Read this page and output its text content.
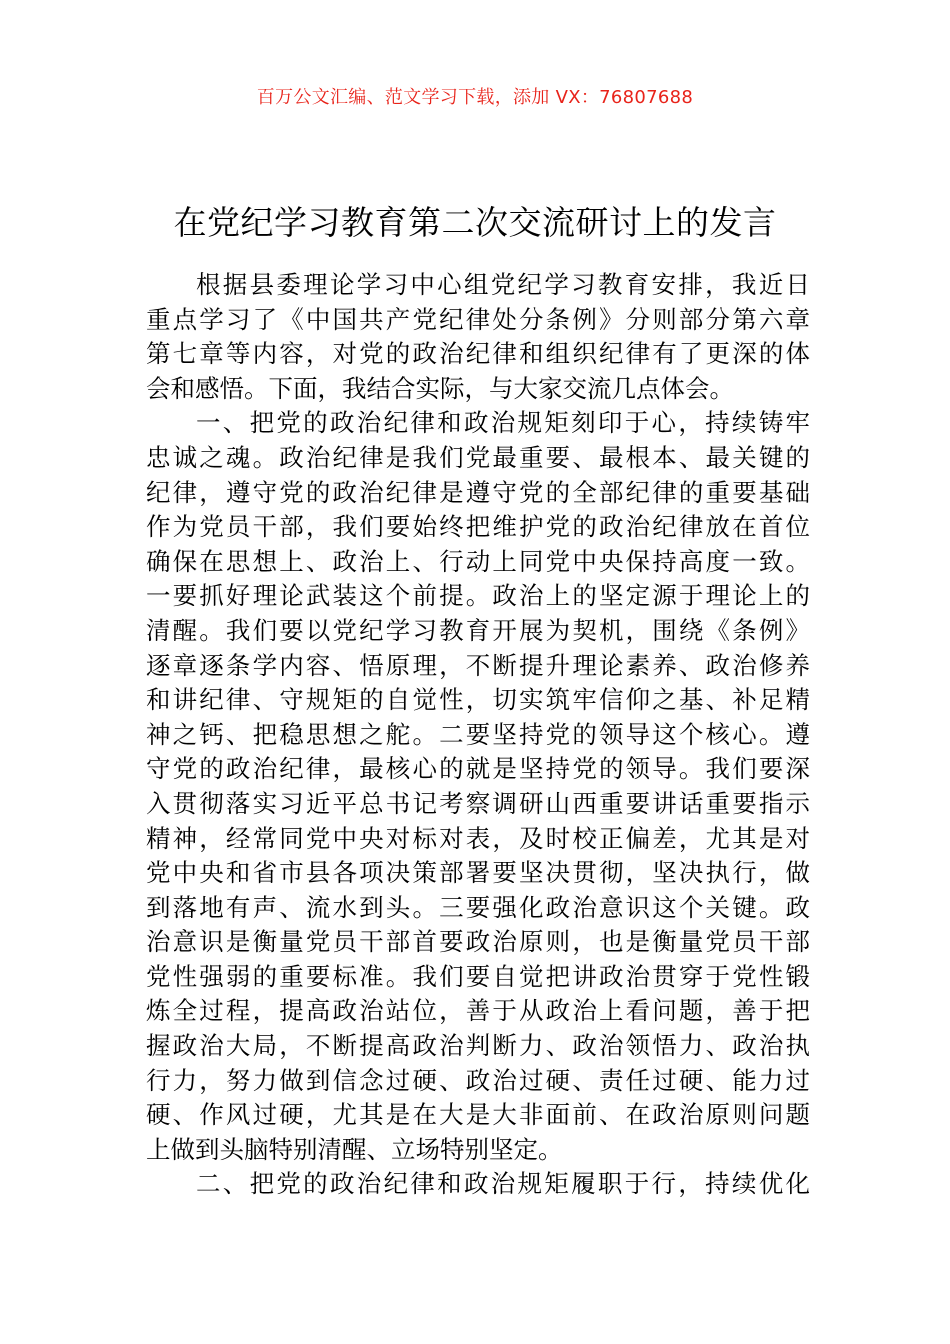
百万公文汇编、范文学习下载，添加 VX：76807688
在党纪学习教育第二次交流研讨上的发言
根据县委理论学习中心组党纪学习教育安排，我近日
重点学习了《中国共产党纪律处分条例》分则部分第六章
第七章等内容，对党的政治纪律和组织纪律有了更深的体
会和感悟。下面，我结合实际，与大家交流几点体会。
一、把党的政治纪律和政治规矩刻印于心，持续铸牢
忠诚之魂。政治纪律是我们党最重要、最根本、最关键的
纪律，遵守党的政治纪律是遵守党的全部纪律的重要基础
作为党员干部，我们要始终把维护党的政治纪律放在首位
确保在思想上、政治上、行动上同党中央保持高度一致。
一要抓好理论武装这个前提。政治上的坚定源于理论上的
清醒。我们要以党纪学习教育开展为契机，围绕《条例》
逐章逐条学内容、悟原理，不断提升理论素养、政治修养
和讲纪律、守规矩的自觉性，切实筑牢信仰之基、补足精
神之钙、把稳思想之舵。二要坚持党的领导这个核心。遵
守党的政治纪律，最核心的就是坚持党的领导。我们要深
入贯彻落实习近平总书记考察调研山西重要讲话重要指示
精神，经常同党中央对标对表，及时校正偏差，尤其是对
党中央和省市县各项决策部署要坚决贯彻，坚决执行，做
到落地有声、流水到头。三要强化政治意识这个关键。政
治意识是衡量党员干部首要政治原则，也是衡量党员干部
党性强弱的重要标准。我们要自觉把讲政治贯穿于党性锻
炼全过程，提高政治站位，善于从政治上看问题，善于把
握政治大局，不断提高政治判断力、政治领悟力、政治执
行力，努力做到信念过硬、政治过硬、责任过硬、能力过
硬、作风过硬，尤其是在大是大非面前、在政治原则问题
上做到头脑特别清醒、立场特别坚定。
二、把党的政治纪律和政治规矩履职于行，持续优化
